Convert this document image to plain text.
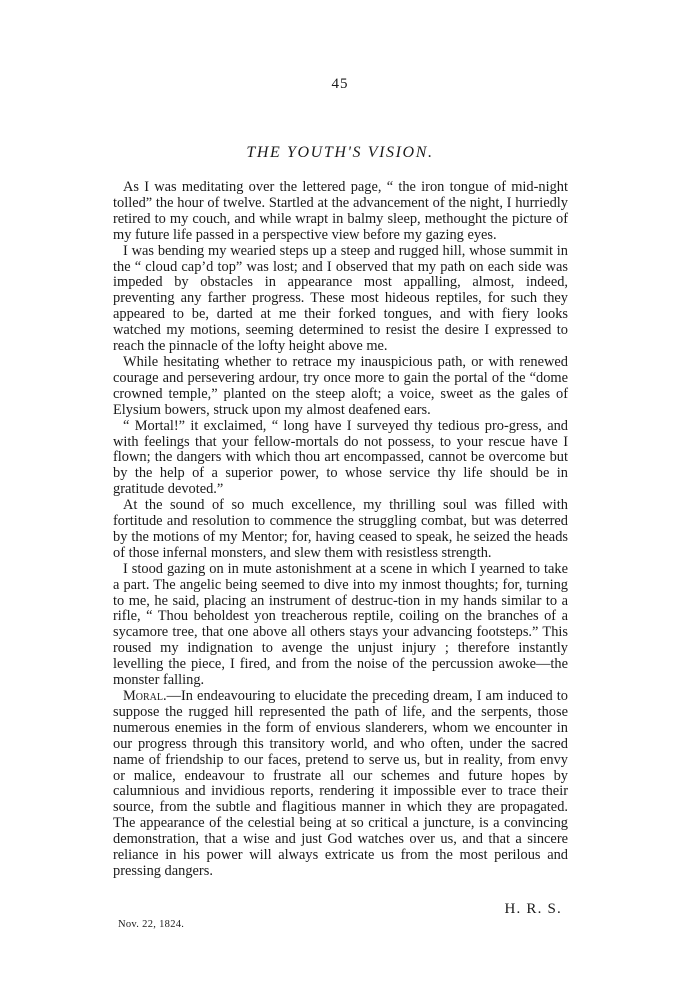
45
THE YOUTH'S VISION.

As I was meditating over the lettered page, “ the iron tongue of mid-night tolled” the hour of twelve. Startled at the advancement of the night, I hurriedly retired to my couch, and while wrapt in balmy sleep, methought the picture of my future life passed in a perspective view before my gazing eyes.

I was bending my wearied steps up a steep and rugged hill, whose summit in the “ cloud cap’d top” was lost; and I observed that my path on each side was impeded by obstacles in appearance most appalling, almost, indeed, preventing any farther progress. These most hideous reptiles, for such they appeared to be, darted at me their forked tongues, and with fiery looks watched my motions, seeming determined to resist the desire I expressed to reach the pinnacle of the lofty height above me.

While hesitating whether to retrace my inauspicious path, or with renewed courage and persevering ardour, try once more to gain the portal of the “dome crowned temple,” planted on the steep aloft; a voice, sweet as the gales of Elysium bowers, struck upon my almost deafened ears.

“ Mortal!” it exclaimed, “ long have I surveyed thy tedious pro-gress, and with feelings that your fellow-mortals do not possess, to your rescue have I flown; the dangers with which thou art encompassed, cannot be overcome but by the help of a superior power, to whose service thy life should be in gratitude devoted.”

At the sound of so much excellence, my thrilling soul was filled with fortitude and resolution to commence the struggling combat, but was deterred by the motions of my Mentor; for, having ceased to speak, he seized the heads of those infernal monsters, and slew them with resistless strength.

I stood gazing on in mute astonishment at a scene in which I yearned to take a part. The angelic being seemed to dive into my inmost thoughts; for, turning to me, he said, placing an instrument of destruc-tion in my hands similar to a rifle, “ Thou beholdest yon treacherous reptile, coiling on the branches of a sycamore tree, that one above all others stays your advancing footsteps.” This roused my indignation to avenge the unjust injury ; therefore instantly levelling the piece, I fired, and from the noise of the percussion awoke—the monster falling.

Moral.—In endeavouring to elucidate the preceding dream, I am induced to suppose the rugged hill represented the path of life, and the serpents, those numerous enemies in the form of envious slanderers, whom we encounter in our progress through this transitory world, and who often, under the sacred name of friendship to our faces, pretend to serve us, but in reality, from envy or malice, endeavour to frustrate all our schemes and future hopes by calumnious and invidious reports, rendering it impossible ever to trace their source, from the subtle and flagitious manner in which they are propagated. The appearance of the celestial being at so critical a juncture, is a convincing demonstration, that a wise and just God watches over us, and that a sincere reliance in his power will always extricate us from the most perilous and pressing dangers.

H. R. S.
Nov. 22, 1824.
